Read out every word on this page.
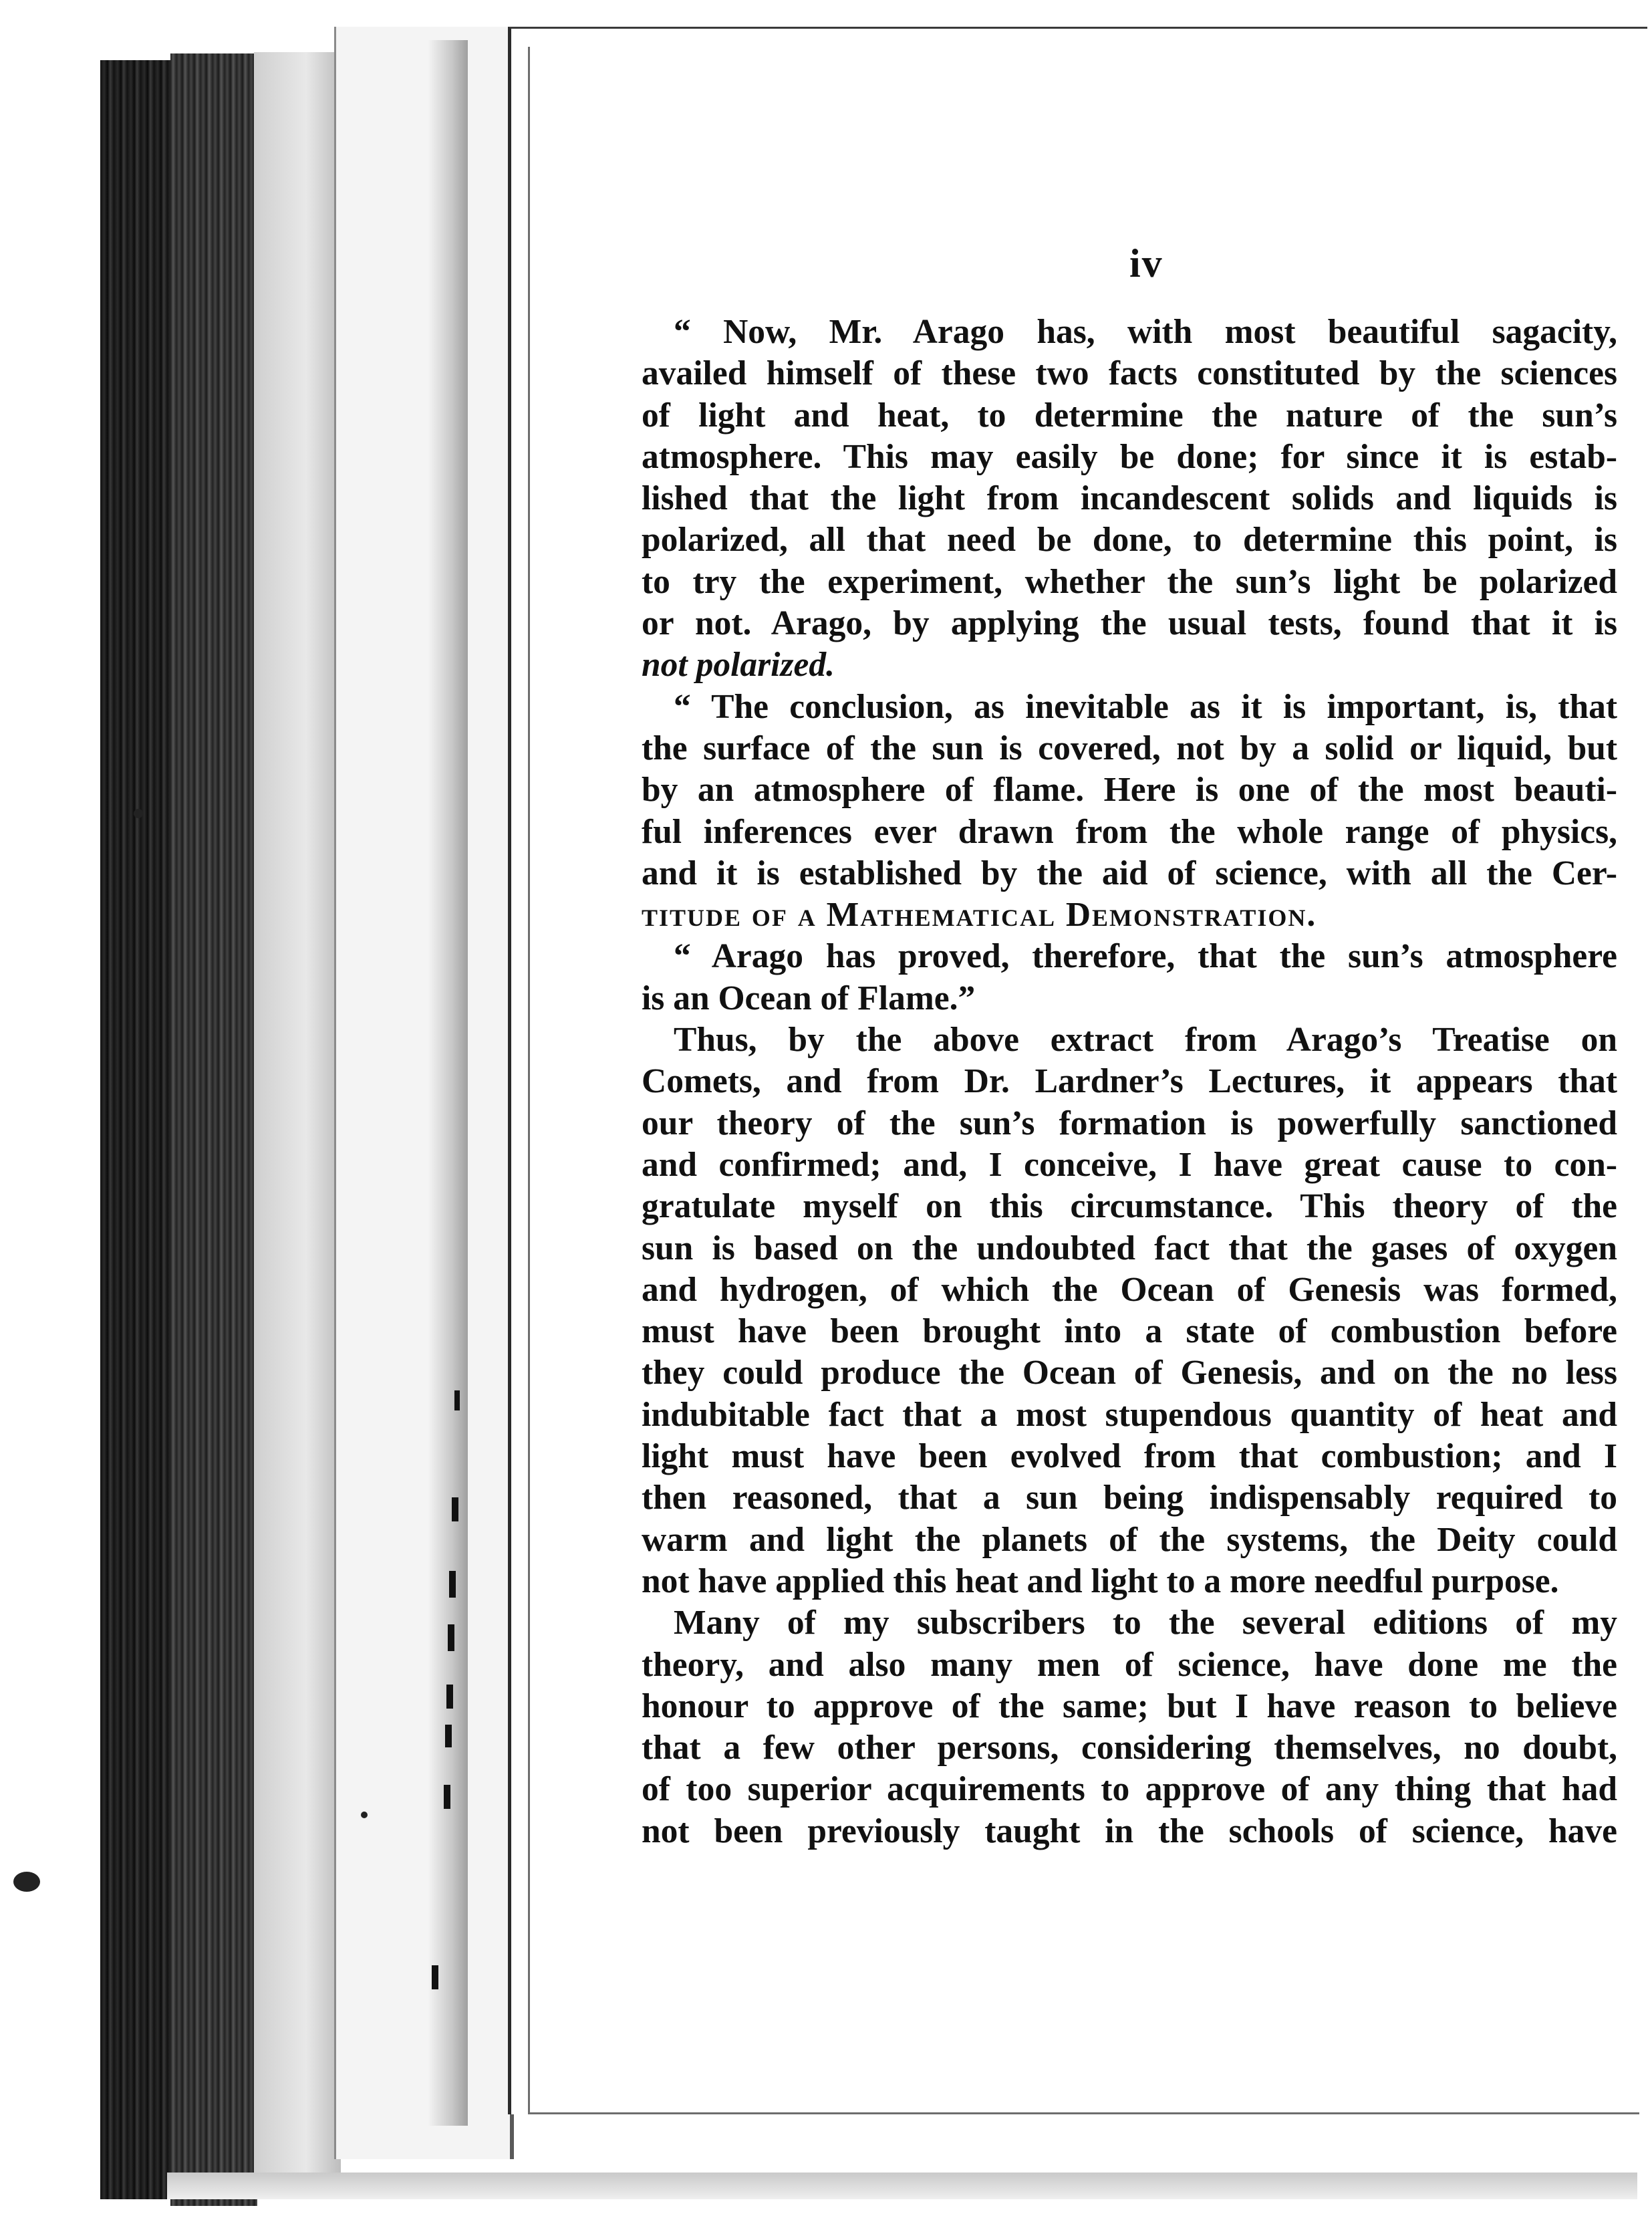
iv
“ Now, Mr. Arago has, with most beautiful sagacity,
availed himself of these two facts constituted by the sciences
of light and heat, to determine the nature of the sun’s
atmosphere. This may easily be done; for since it is estab-
lished that the light from incandescent solids and liquids is
polarized, all that need be done, to determine this point, is
to try the experiment, whether the sun’s light be polarized
or not. Arago, by applying the usual tests, found that it is
not polarized.
“ The conclusion, as inevitable as it is important, is, that
the surface of the sun is covered, not by a solid or liquid, but
by an atmosphere of flame. Here is one of the most beauti-
ful inferences ever drawn from the whole range of physics,
and it is established by the aid of science, with all the Cer-
titude of a Mathematical Demonstration.
“ Arago has proved, therefore, that the sun’s atmosphere
is an Ocean of Flame.”
Thus, by the above extract from Arago’s Treatise on
Comets, and from Dr. Lardner’s Lectures, it appears that
our theory of the sun’s formation is powerfully sanctioned
and confirmed; and, I conceive, I have great cause to con-
gratulate myself on this circumstance. This theory of the
sun is based on the undoubted fact that the gases of oxygen
and hydrogen, of which the Ocean of Genesis was formed,
must have been brought into a state of combustion before
they could produce the Ocean of Genesis, and on the no less
indubitable fact that a most stupendous quantity of heat and
light must have been evolved from that combustion; and I
then reasoned, that a sun being indispensably required to
warm and light the planets of the systems, the Deity could
not have applied this heat and light to a more needful purpose.
Many of my subscribers to the several editions of my
theory, and also many men of science, have done me the
honour to approve of the same; but I have reason to believe
that a few other persons, considering themselves, no doubt,
of too superior acquirements to approve of any thing that had
not been previously taught in the schools of science, have
